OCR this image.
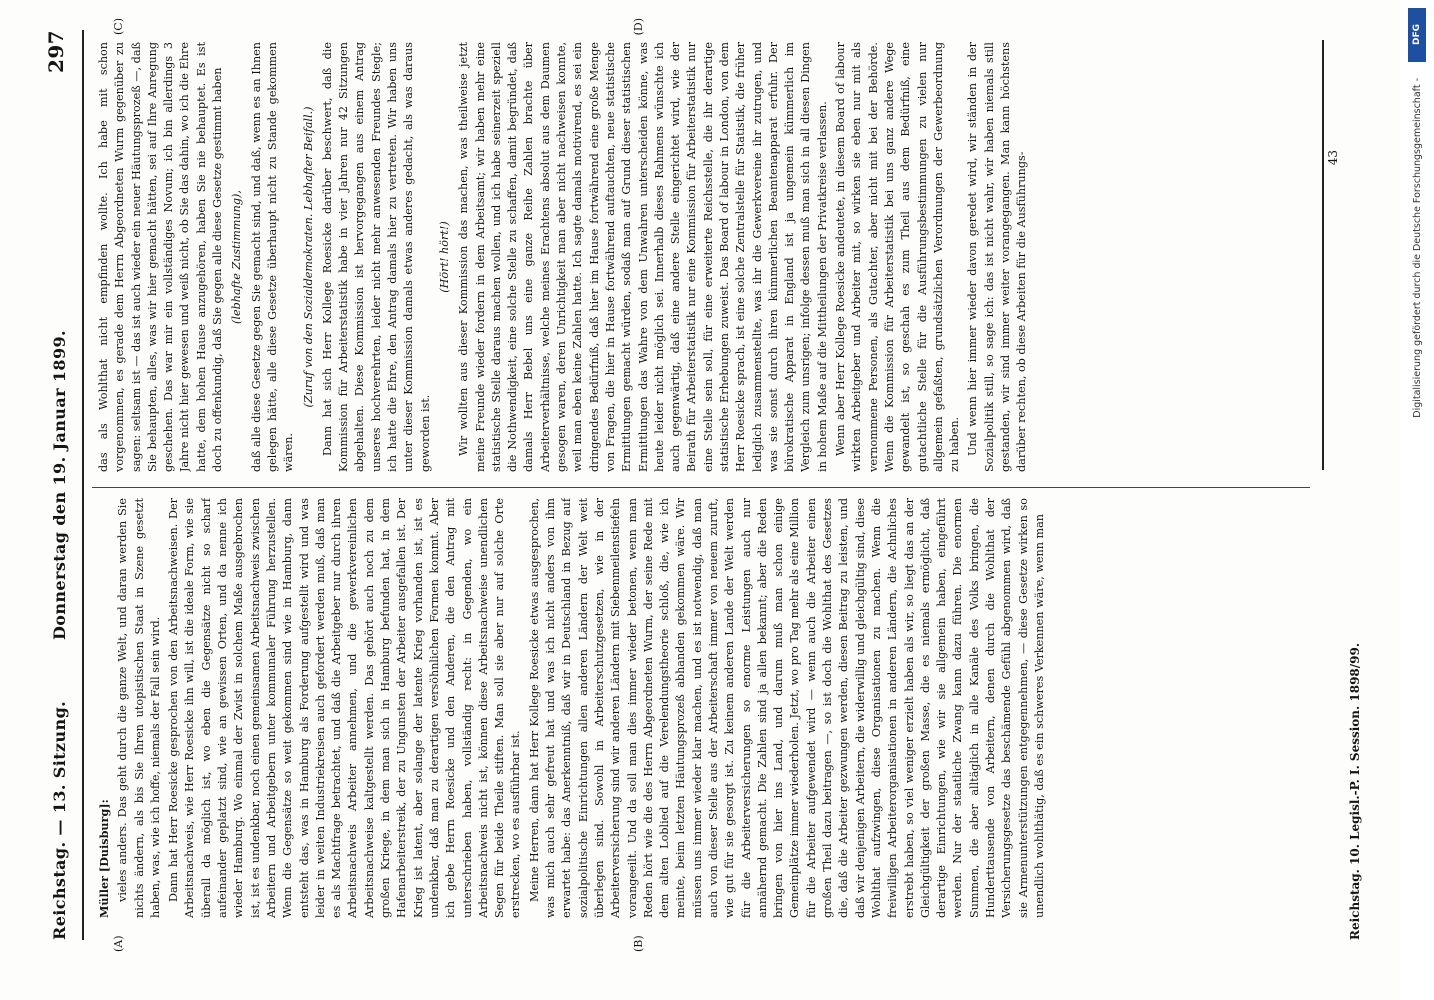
Reichstag. — 13. Sitzung.
Donnerstag den 19. Januar 1899.
297
(A)	(B)
(C)	(D)

Müller [Duisburg]: vieles anders. Das geht durch die ganze Welt, und daran werden Sie nichts ändern, als bis Sie Ihren utopistischen Staat in Szene gesetzt haben, was, wie ich hoffe, niemals der Fall sein wird. Dann hat Herr Roesicke gesprochen von den Arbeitsnachweisen. Der Arbeitsnachweis, wie Herr Roesicke ihn will, ist die ideale Form, wie sie überall da möglich ist, wo eben die Gegensätze nicht so scharf aufeinander geplatzt sind, wie an gewissen Orten, und da nenne ich wieder Hamburg. Wo einmal der Zwist in solchem Maße ausgebrochen ist, ist es undenkbar, noch einen gemeinsamen Arbeitsnachweis zwischen Arbeitern und Arbeitgebern unter kommunaler Führung herzustellen. Wenn die Gegensätze so weit gekommen sind wie in Hamburg, dann entsteht das, was in Hamburg als Forderung aufgestellt wird und was leider in weiten Industriekreisen auch gefordert werden muß, daß man es als Machtfrage betrachtet, und daß die Arbeitgeber nur durch ihren Arbeitsnachweis Arbeiter annehmen, und die gewerkvereinlichen Arbeitsnachweise kaltgestellt werden. Das gehört auch noch zu dem großen Kriege, in dem man sich in Hamburg befunden hat, in dem Hafenarbeiterstreik, der zu Ungunsten der Arbeiter ausgefallen ist. Der Krieg ist latent, aber solange der latente Krieg vorhanden ist, ist es undenkbar, daß man zu derartigen versöhnlichen Formen kommt. Aber ich gebe Herrn Roesicke und den Anderen, die den Antrag mit unterschrieben haben, vollständig recht: in Gegenden, wo ein Arbeitsnachweis nicht ist, können diese Arbeitsnachweise unendlichen Segen für beide Theile stiften. Man soll sie aber nur auf solche Orte erstrecken, wo es ausführbar ist. Meine Herren, dann hat Herr Kollege Roesicke etwas ausgesprochen, was mich auch sehr gefreut hat und was ich nicht anders von ihm erwartet habe: das Anerkenntniß, daß wir in Deutschland in Bezug auf sozialpolitische Einrichtungen allen anderen Ländern der Welt weit überlegen sind. Sowohl in Arbeiterschutzgesetzen, wie in der Arbeiterversicherung sind wir anderen Ländern mit Siebenmeilenstiefeln vorangeeilt. Und da soll man dies immer wieder betonen, wenn man Reden hört wie die des Herrn Abgeordneten Wurm, der seine Rede mit dem alten Loblied auf die Verelendungstheorie schloß, die, wie ich meinte, beim letzten Häutungsprozeß abhanden gekommen wäre. Wir müssen uns immer wieder klar machen, und es ist notwendig, daß man auch von dieser Stelle aus der Arbeiterschaft immer von neuem zuruft, wie gut für sie gesorgt ist. Zu keinem anderen Lande der Welt werden für die Arbeiterversicherungen so enorme Leistungen auch nur annähernd gemacht. Die Zahlen sind ja allen bekannt; aber die Reden bringen von hier ins Land, und darum muß man schon einige Gemeinplätze immer wiederholen. Jetzt, wo pro Tag mehr als eine Million für die Arbeiter aufgewendet wird — wenn auch die Arbeiter einen großen Theil dazu beitragen —, so ist doch die Wohlthat des Gesetzes die, daß die Arbeiter gezwungen werden, diesen Beitrag zu leisten, und daß wir denjenigen Arbeitern, die widerwillig und gleichgültig sind, diese Wohlthat aufzwingen, diese Organisationen zu machen. Wenn die freiwilligen Arbeiterorganisationen in anderen Ländern, die Achnliches erstrebt haben, so viel weniger erzielt haben als wir, so liegt das an der Gleichgültigkeit der großen Masse, die es niemals ermöglicht, daß derartige Einrichtungen, wie wir sie allgemein haben, eingeführt werden. Nur der staatliche Zwang kann dazu führen. Die enormen Summen, die aber alltäglich in alle Kanäle des Volks bringen, die Hunderttausende von Arbeitern, denen durch die Wohlthat der Versicherungsgesetze das beschämende Gefühl abgenommen wird, daß sie Armenunterstützungen entgegennehmen, — diese Gesetze wirken so unendlich wohlthätig, daß es ein schweres Verkennen wäre, wenn man

das als Wohlthat nicht empfinden wollte. Ich habe mit schon vorgenommen, es gerade dem Herrn Abgeordneten Wurm gegenüber zu sagen: seltsam ist — das ist auch wieder ein neuer Häutungsprozeß —, daß Sie behaupten, alles, was wir hier gemacht hätten, sei auf Ihre Anregung geschehen. Das war mir ein vollständiges Novum; ich bin allerdings 3 Jahre nicht hier gewesen und weiß nicht, ob Sie das dahin, wo ich die Ehre hatte, dem hohen Hause anzugehören, haben Sie nie behauptet. Es ist doch zu offenkundig, daß Sie gegen alle diese Gesetze gestimmt haben (lebhafte Zustimmung), daß alle diese Gesetze gegen Sie gemacht sind, und daß, wenn es an Ihnen gelegen hätte, alle diese Gesetze überhaupt nicht zu Stande gekommen wären.

(Zuruf von den Sozialdemokraten. Lebhafter Beifall.) Dann hat sich Herr Kollege Roesicke darüber beschwert, daß die Kommission für Arbeiterstatistik habe in vier Jahren nur 42 Sitzungen abgehalten. Diese Kommission ist hervorgegangen aus einem Antrag unseres hochverehrten, leider nicht mehr anwesenden Freundes Stegle; ich hatte die Ehre, den Antrag damals hier zu vertreten. Wir haben uns unter dieser Kommission damals etwas anderes gedacht, als was daraus geworden ist.

(Hört! hört!) Wir wollten aus dieser Kommission das machen, was theilweise jetzt meine Freunde wieder fordern in dem Arbeitsamt; wir haben mehr eine statistische Stelle daraus machen wollen, und ich habe seinerzeit speziell die Nothwendigkeit, eine solche Stelle zu schaffen, damit begründet, daß damals Herr Bebel uns eine ganze Reihe Zahlen brachte über Arbeiterverhältnisse, welche meines Erachtens absolut aus dem Daumen gesogen waren, deren Unrichtigkeit man aber nicht nachweisen konnte, weil man eben keine Zahlen hatte. Ich sagte damals motivirend, es sei ein dringendes Bedürfniß, daß hier im Hause fortwährend eine große Menge von Fragen, die hier in Hause fortwährend auftauchten, neue statistische Ermittlungen gemacht würden, sodaß man auf Grund dieser statistischen Ermittlungen das Wahre von dem Unwahren unterscheiden könne, was heute leider nicht möglich sei. Innerhalb dieses Rahmens wünschte ich auch gegenwärtig, daß eine andere Stelle eingerichtet wird, wie der Beirath für Arbeiterstatistik nur eine Kommission für Arbeiterstatistik nur eine Stelle sein soll, für eine erweiterte Reichsstelle, die ihr derartige statistische Erhebungen zuweist. Das Board of labour in London, von dem Herr Roesicke sprach, ist eine solche Zentralstelle für Statistik, die früher lediglich zusammenstellte, was ihr die Gewerkvereine ihr zutrugen, und was sie sonst durch ihren kümmerlichen Beamtenapparat erfuhr. Der bürokratische Apparat in England ist ja ungemein kümmerlich im Vergleich zum unsrigen; infolge dessen muß man sich in all diesen Dingen in hohem Maße auf die Mittheilungen der Privatkreise verlassen. Wenn aber Herr Kollege Roesicke andeutete, in diesem Board of labour wirkten Arbeitgeber und Arbeiter mit, so wirken sie eben nur mit als vernommene Personen, als Gutachter, aber nicht mit bei der Behörde. Wenn die Kommission für Arbeiterstatistik bei uns ganz andere Wege gewandelt ist, so geschah es zum Theil aus dem Bedürfniß, eine gutachtliche Stelle für die Ausführungsbestimmungen zu vielen nur allgemein gefaßten, grundsätzlichen Verordnungen der Gewerbeordnung zu haben. Und wenn hier immer wieder davon geredet wird, wir ständen in der Sozialpolitik still, so sage ich: das ist nicht wahr, wir haben niemals still gestanden, wir sind immer weiter vorangegangen. Man kann höchstens darüber rechten, ob diese Arbeiten für die Ausführungs-	43
Reichstag. 10. Legisl.-P. I. Session. 1898/99.
DFG
Digitalisierung gefördert durch die Deutsche Forschungsgemeinschaft -
